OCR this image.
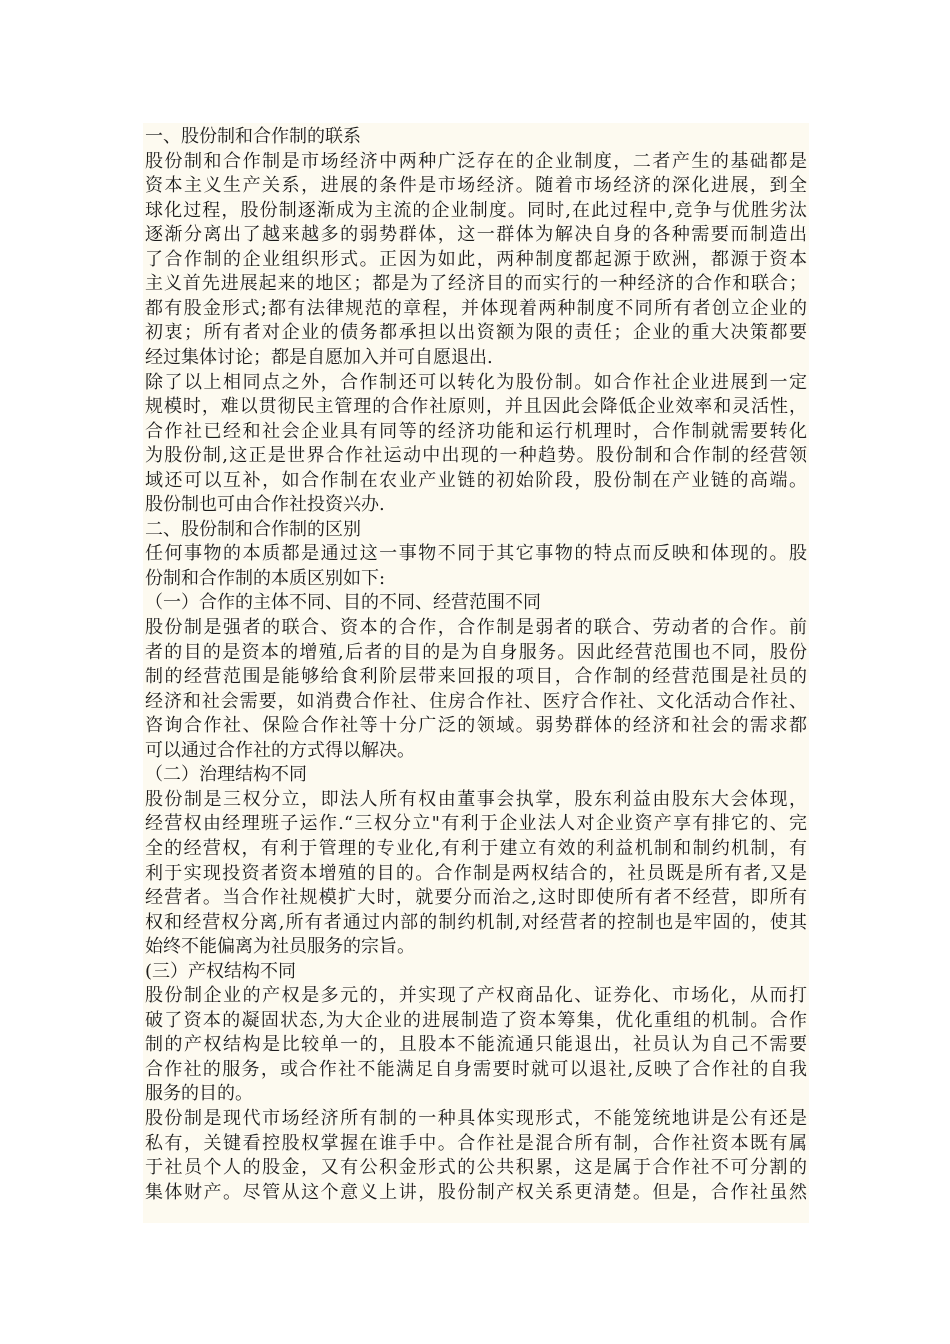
一、股份制和合作制的联系
股份制和合作制是市场经济中两种广泛存在的企业制度，二者产生的基础都是
资本主义生产关系，进展的条件是市场经济。随着市场经济的深化进展，到全
球化过程，股份制逐渐成为主流的企业制度。同时,在此过程中,竞争与优胜劣汰
逐渐分离出了越来越多的弱势群体，这一群体为解决自身的各种需要而制造出
了合作制的企业组织形式。正因为如此，两种制度都起源于欧洲，都源于资本
主义首先进展起来的地区；都是为了经济目的而实行的一种经济的合作和联合；
都有股金形式;都有法律规范的章程，并体现着两种制度不同所有者创立企业的
初衷；所有者对企业的债务都承担以出资额为限的责任；企业的重大决策都要
经过集体讨论；都是自愿加入并可自愿退出.
除了以上相同点之外，合作制还可以转化为股份制。如合作社企业进展到一定
规模时，难以贯彻民主管理的合作社原则，并且因此会降低企业效率和灵活性，
合作社已经和社会企业具有同等的经济功能和运行机理时，合作制就需要转化
为股份制,这正是世界合作社运动中出现的一种趋势。股份制和合作制的经营领
域还可以互补，如合作制在农业产业链的初始阶段，股份制在产业链的高端。
股份制也可由合作社投资兴办.
二、股份制和合作制的区别
任何事物的本质都是通过这一事物不同于其它事物的特点而反映和体现的。股
份制和合作制的本质区别如下:
（一）合作的主体不同、目的不同、经营范围不同
股份制是强者的联合、资本的合作，合作制是弱者的联合、劳动者的合作。前
者的目的是资本的增殖,后者的目的是为自身服务。因此经营范围也不同，股份
制的经营范围是能够给食利阶层带来回报的项目，合作制的经营范围是社员的
经济和社会需要，如消费合作社、住房合作社、医疗合作社、文化活动合作社、
咨询合作社、保险合作社等十分广泛的领域。弱势群体的经济和社会的需求都
可以通过合作社的方式得以解决。
（二）治理结构不同
股份制是三权分立，即法人所有权由董事会执掌，股东利益由股东大会体现，
经营权由经理班子运作.“三权分立"有利于企业法人对企业资产享有排它的、完
全的经营权，有利于管理的专业化,有利于建立有效的利益机制和制约机制，有
利于实现投资者资本增殖的目的。合作制是两权结合的，社员既是所有者,又是
经营者。当合作社规模扩大时，就要分而治之,这时即使所有者不经营，即所有
权和经营权分离,所有者通过内部的制约机制,对经营者的控制也是牢固的，使其
始终不能偏离为社员服务的宗旨。
(三）产权结构不同
股份制企业的产权是多元的，并实现了产权商品化、证券化、市场化，从而打
破了资本的凝固状态,为大企业的进展制造了资本筹集，优化重组的机制。合作
制的产权结构是比较单一的，且股本不能流通只能退出，社员认为自己不需要
合作社的服务，或合作社不能满足自身需要时就可以退社,反映了合作社的自我
服务的目的。
股份制是现代市场经济所有制的一种具体实现形式，不能笼统地讲是公有还是
私有，关键看控股权掌握在谁手中。合作社是混合所有制，合作社资本既有属
于社员个人的股金，又有公积金形式的公共积累，这是属于合作社不可分割的
集体财产。尽管从这个意义上讲，股份制产权关系更清楚。但是，合作社虽然
